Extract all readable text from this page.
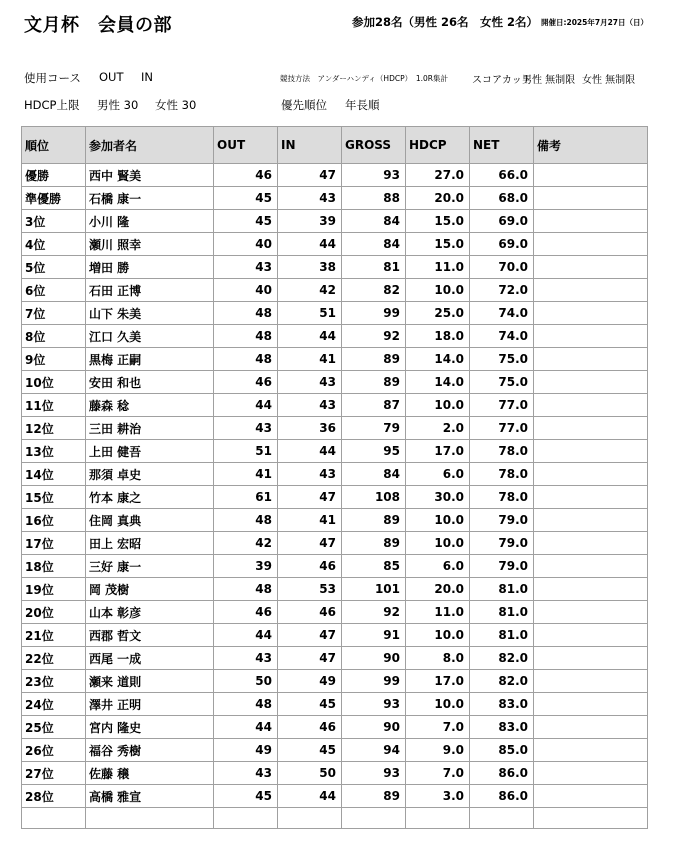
文月杯　会員の部	参加28名（男性 26名　女性 2名） 開催日:2025年7月27日（日）
使用コース OUT IN	競技方法　アンダーハンディ（HDCP）　1.0R集計 スコアカット
男性 無制限 女性 無制限
HDCP上限 男性 30 女性 30	優先順位 年長順
順位	参加者名	OUT	IN	GROSS	HDCP	NET	備考
優勝	西中 賢美	46	47	93	27.0	66.0	
準優勝	石橋 康一	45	43	88	20.0	68.0	
3位	小川 隆	45	39	84	15.0	69.0	
4位	瀬川 照幸	40	44	84	15.0	69.0	
5位	増田 勝	43	38	81	11.0	70.0	
6位	石田 正博	40	42	82	10.0	72.0	
7位	山下 朱美	48	51	99	25.0	74.0	
8位	江口 久美	48	44	92	18.0	74.0	
9位	黒梅 正嗣	48	41	89	14.0	75.0	
10位	安田 和也	46	43	89	14.0	75.0	
11位	藤森 稔	44	43	87	10.0	77.0	
12位	三田 耕治	43	36	79	2.0	77.0	
13位	上田 健吾	51	44	95	17.0	78.0	
14位	那須 卓史	41	43	84	6.0	78.0	
15位	竹本 康之	61	47	108	30.0	78.0	
16位	住岡 真典	48	41	89	10.0	79.0	
17位	田上 宏昭	42	47	89	10.0	79.0	
18位	三好 康一	39	46	85	6.0	79.0	
19位	岡 茂樹	48	53	101	20.0	81.0	
20位	山本 彰彦	46	46	92	11.0	81.0	
21位	西郡 哲文	44	47	91	10.0	81.0	
22位	西尾 一成	43	47	90	8.0	82.0	
23位	瀬来 道則	50	49	99	17.0	82.0	
24位	澤井 正明	48	45	93	10.0	83.0	
25位	宮内 隆史	44	46	90	7.0	83.0	
26位	福谷 秀樹	49	45	94	9.0	85.0	
27位	佐藤 穣	43	50	93	7.0	86.0	
28位	高橋 雅宣	45	44	89	3.0	86.0	
